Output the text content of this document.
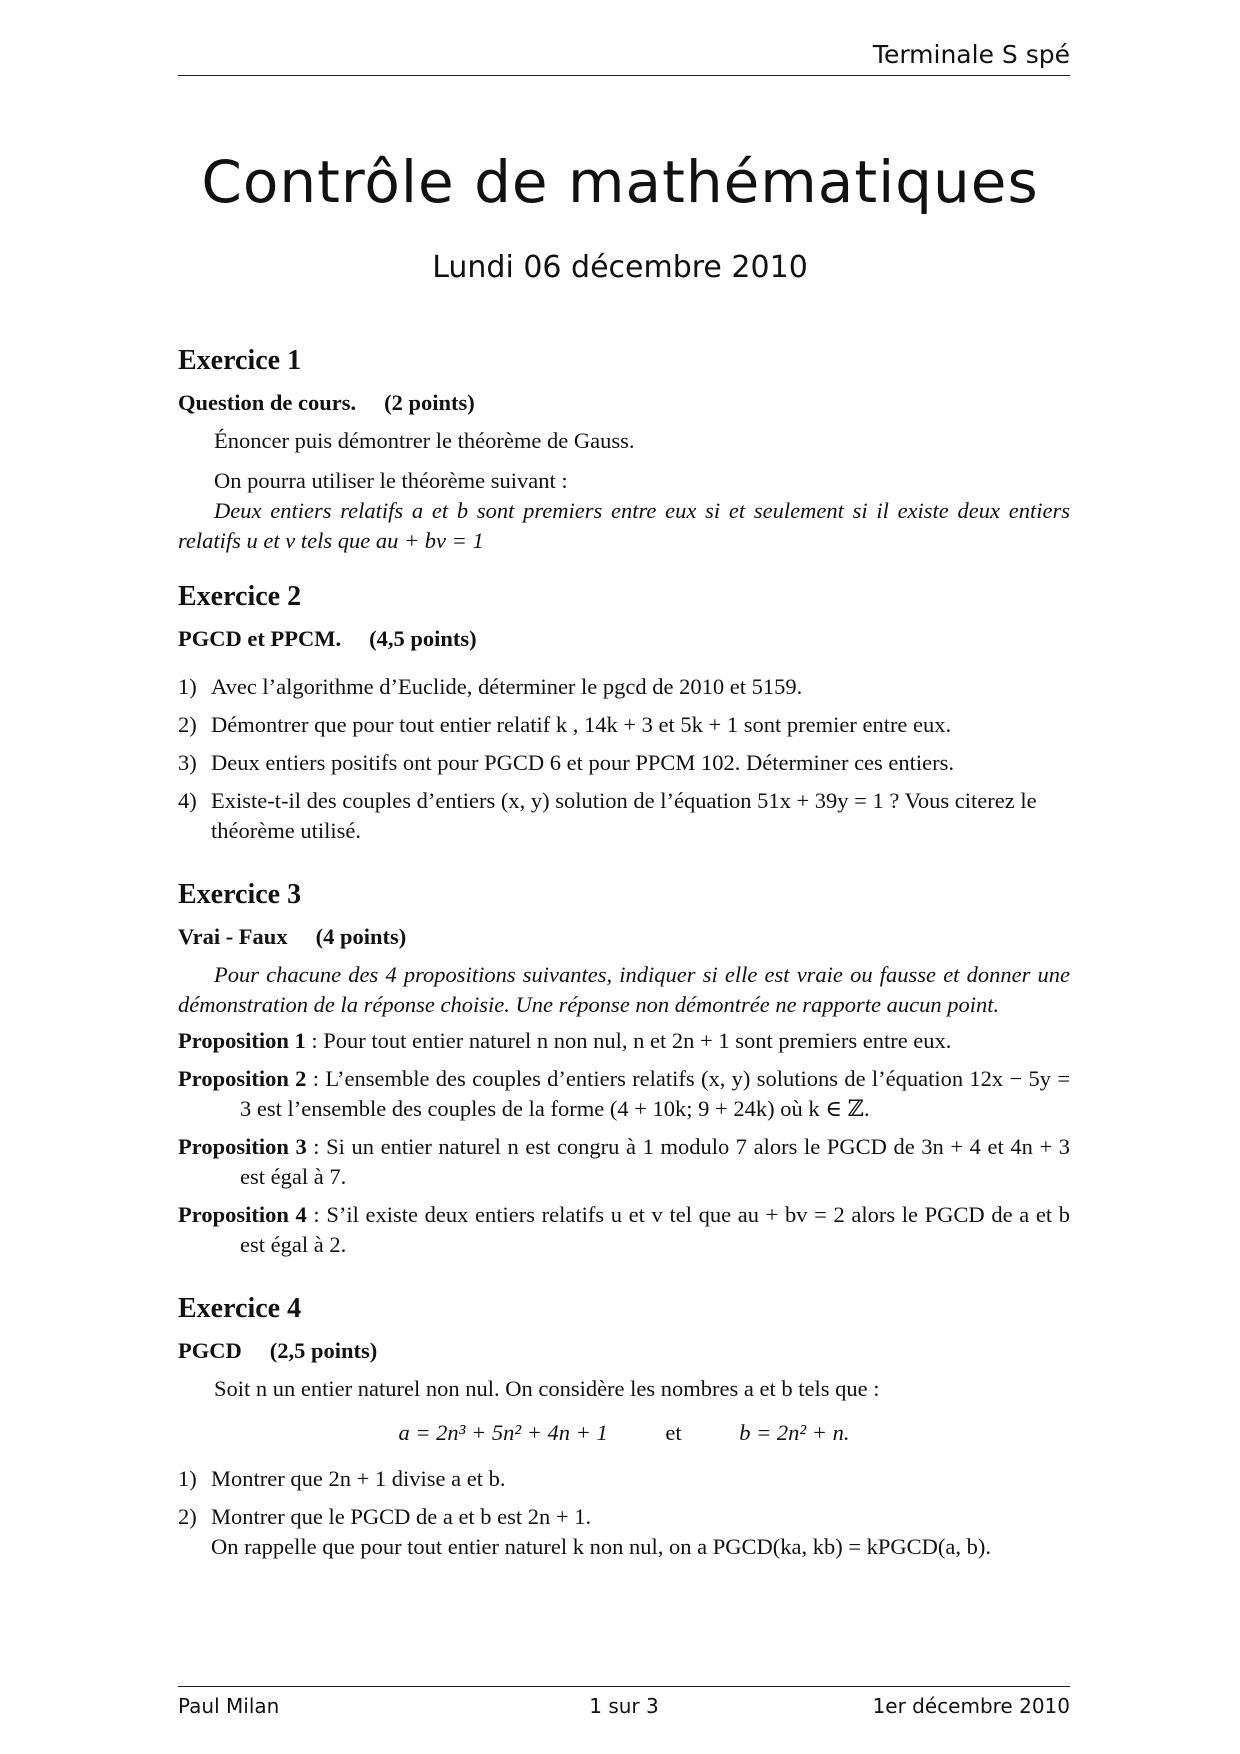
Terminale S spé
Contrôle de mathématiques
Lundi 06 décembre 2010
Exercice 1
Question de cours. (2 points)

Énoncer puis démontrer le théorème de Gauss.

On pourra utiliser le théorème suivant :

Deux entiers relatifs a et b sont premiers entre eux si et seulement si il existe deux entiers relatifs u et v tels que au + bv = 1

Exercice 2
PGCD et PPCM. (4,5 points)
1) Avec l’algorithme d’Euclide, déterminer le pgcd de 2010 et 5159.
2) Démontrer que pour tout entier relatif k , 14k + 3 et 5k + 1 sont premier entre eux.
3) Deux entiers positifs ont pour PGCD 6 et pour PPCM 102. Déterminer ces entiers.
4) Existe-t-il des couples d’entiers (x, y) solution de l’équation 51x + 39y = 1 ? Vous citerez le théorème utilisé.
Exercice 3
Vrai - Faux (4 points)

Pour chacune des 4 propositions suivantes, indiquer si elle est vraie ou fausse et donner une démonstration de la réponse choisie. Une réponse non démontrée ne rapporte aucun point.

Proposition 1 : Pour tout entier naturel n non nul, n et 2n + 1 sont premiers entre eux.
Proposition 2 : L’ensemble des couples d’entiers relatifs (x, y) solutions de l’équation 12x − 5y = 3 est l’ensemble des couples de la forme (4 + 10k; 9 + 24k) où k ∈ ℤ.
Proposition 3 : Si un entier naturel n est congru à 1 modulo 7 alors le PGCD de 3n + 4 et 4n + 3 est égal à 7.
Proposition 4 : S’il existe deux entiers relatifs u et v tel que au + bv = 2 alors le PGCD de a et b est égal à 2.
Exercice 4
PGCD (2,5 points)

Soit n un entier naturel non nul. On considère les nombres a et b tels que :

a = 2n³ + 5n² + 4n + 1	et	b = 2n² + n.
1) Montrer que 2n + 1 divise a et b.
2) Montrer que le PGCD de a et b est 2n + 1.

On rappelle que pour tout entier naturel k non nul, on a PGCD(ka, kb) = kPGCD(a, b).

Paul Milan	1 sur 3	1er décembre 2010
